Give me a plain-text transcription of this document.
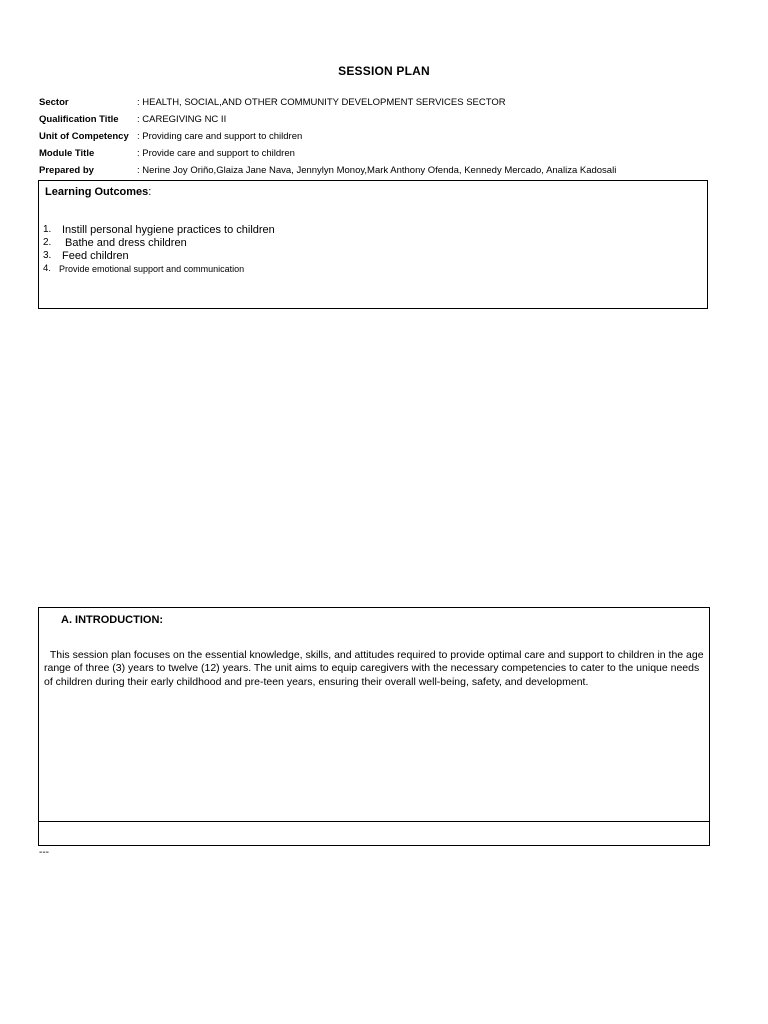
SESSION PLAN
Sector	: HEALTH, SOCIAL,AND OTHER COMMUNITY DEVELOPMENT SERVICES SECTOR
Qualification Title	: CAREGIVING NC II
Unit of Competency : Providing care and support to children
Module Title	: Provide care and support to children
Prepared by	: Nerine Joy Oriño,Glaiza Jane Nava, Jennylyn Monoy,Mark Anthony Ofenda, Kennedy Mercado, Analiza Kadosali
Learning Outcomes:
1. Instill personal hygiene practices to children
2.	Bathe and dress children
3. Feed children
4. Provide emotional support and communication
A. INTRODUCTION:
This session plan focuses on the essential knowledge, skills, and attitudes required to provide optimal care and support to children in the age range of three (3) years to twelve (12) years. The unit aims to equip caregivers with the necessary competencies to cater to the unique needs of children during their early childhood and pre-teen years, ensuring their overall well-being, safety, and development.
---
